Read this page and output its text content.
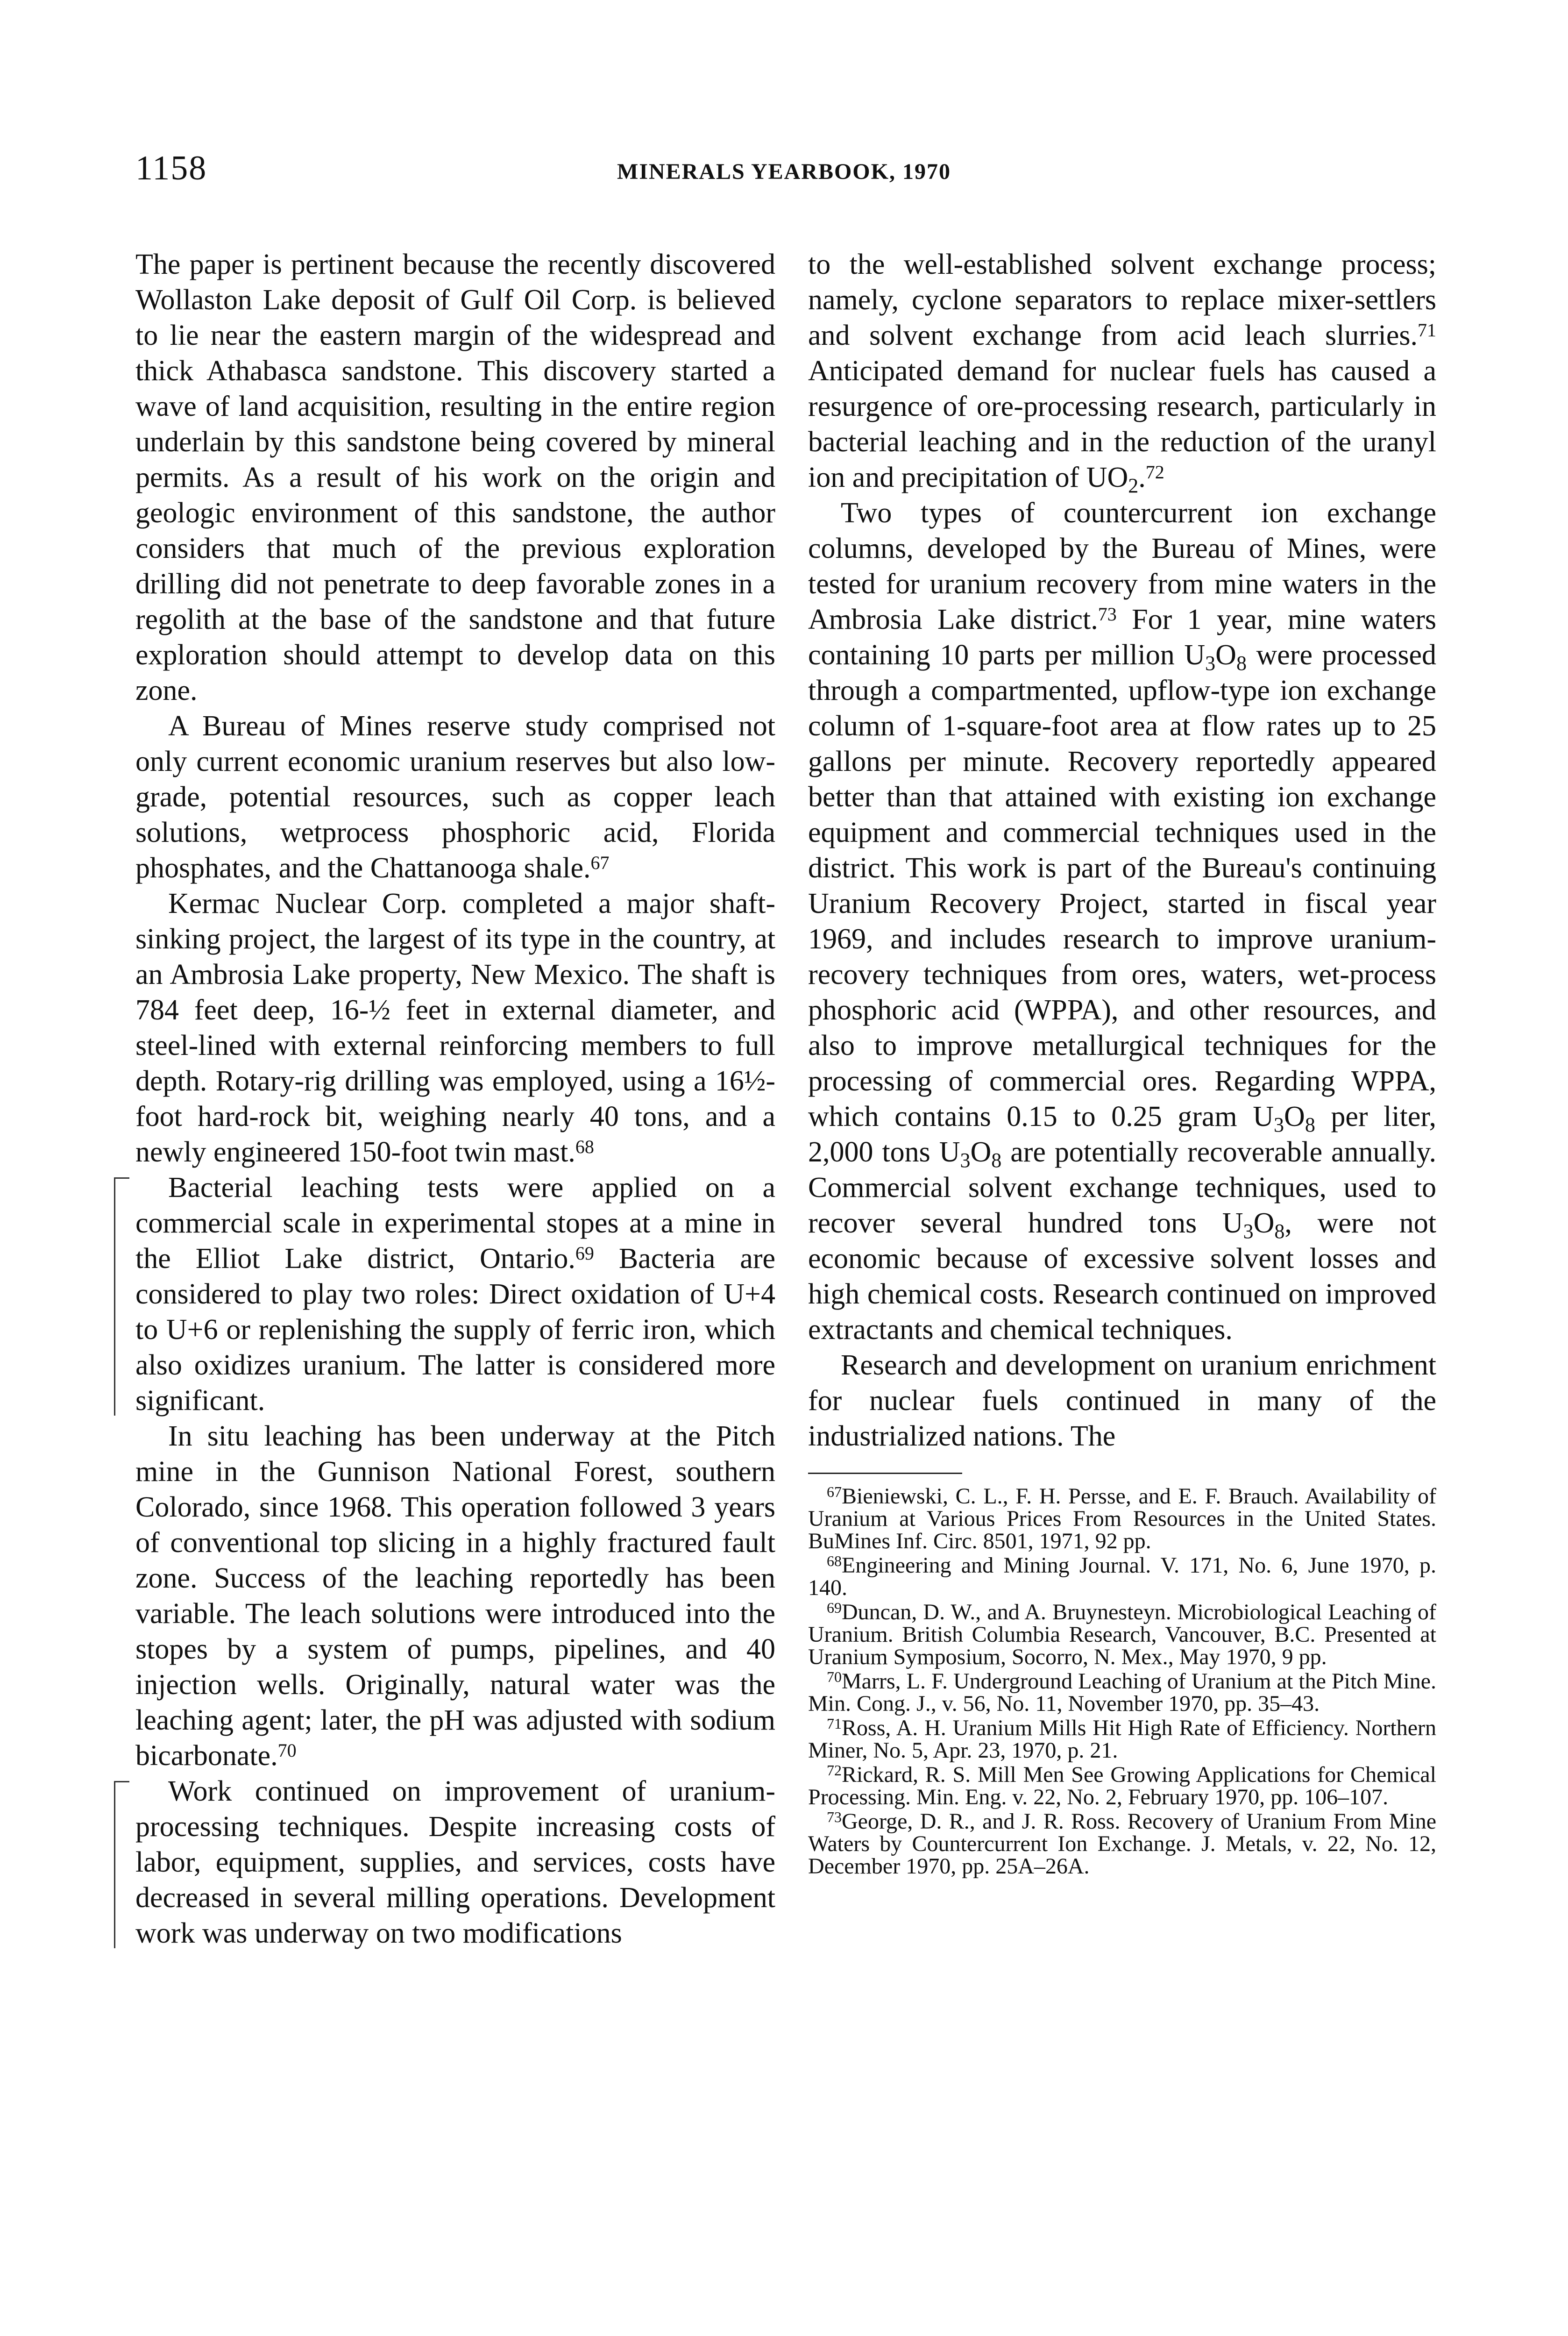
1158	MINERALS YEARBOOK, 1970

The paper is pertinent because the recently discovered Wollaston Lake deposit of Gulf Oil Corp. is believed to lie near the eastern margin of the widespread and thick Athabasca sandstone. This discovery started a wave of land acquisition, resulting in the entire region underlain by this sandstone being covered by mineral permits. As a result of his work on the origin and geologic environment of this sandstone, the author considers that much of the previous exploration drilling did not penetrate to deep favorable zones in a regolith at the base of the sandstone and that future exploration should attempt to develop data on this zone.

A Bureau of Mines reserve study comprised not only current economic uranium reserves but also low-grade, potential resources, such as copper leach solutions, wetprocess phosphoric acid, Florida phosphates, and the Chattanooga shale.$^{67}$

Kermac Nuclear Corp. completed a major shaft-sinking project, the largest of its type in the country, at an Ambrosia Lake property, New Mexico. The shaft is 784 feet deep, 16-½ feet in external diameter, and steel-lined with external reinforcing members to full depth. Rotary-rig drilling was employed, using a 16½-foot hard-rock bit, weighing nearly 40 tons, and a newly engineered 150-foot twin mast.$^{68}$

Bacterial leaching tests were applied on a commercial scale in experimental stopes at a mine in the Elliot Lake district, Ontario.$^{69}$ Bacteria are considered to play two roles: Direct oxidation of U+4 to U+6 or replenishing the supply of ferric iron, which also oxidizes uranium. The latter is considered more significant.

In situ leaching has been underway at the Pitch mine in the Gunnison National Forest, southern Colorado, since 1968. This operation followed 3 years of conventional top slicing in a highly fractured fault zone. Success of the leaching reportedly has been variable. The leach solutions were introduced into the stopes by a system of pumps, pipelines, and 40 injection wells. Originally, natural water was the leaching agent; later, the pH was adjusted with sodium bicarbonate.$^{70}$

Work continued on improvement of uranium-processing techniques. Despite increasing costs of labor, equipment, supplies, and services, costs have decreased in several milling operations. Development work was underway on two modifications

to the well-established solvent exchange process; namely, cyclone separators to replace mixer-settlers and solvent exchange from acid leach slurries.$^{71}$ Anticipated demand for nuclear fuels has caused a resurgence of ore-processing research, particularly in bacterial leaching and in the reduction of the uranyl ion and precipitation of $UO_2.^{72}$

Two types of countercurrent ion exchange columns, developed by the Bureau of Mines, were tested for uranium recovery from mine waters in the Ambrosia Lake district.$^{73}$ For 1 year, mine waters containing 10 parts per million $U_3O_8$ were processed through a compartmented, upflow-type ion exchange column of 1-square-foot area at flow rates up to 25 gallons per minute. Recovery reportedly appeared better than that attained with existing ion exchange equipment and commercial techniques used in the district. This work is part of the Bureau's continuing Uranium Recovery Project, started in fiscal year 1969, and includes research to improve uranium-recovery techniques from ores, waters, wet-process phosphoric acid (WPPA), and other resources, and also to improve metallurgical techniques for the processing of commercial ores. Regarding WPPA, which contains 0.15 to 0.25 gram $U_3O_8$ per liter, 2,000 tons $U_3O_8$ are potentially recoverable annually. Commercial solvent exchange techniques, used to recover several hundred tons $U_3O_8$, were not economic because of excessive solvent losses and high chemical costs. Research continued on improved extractants and chemical techniques.

Research and development on uranium enrichment for nuclear fuels continued in many of the industrialized nations. The

$^{67}$Bieniewski, C. L., F. H. Persse, and E. F. Brauch. Availability of Uranium at Various Prices From Resources in the United States. BuMines Inf. Circ. 8501, 1971, 92 pp.

$^{68}$Engineering and Mining Journal. V. 171, No. 6, June 1970, p. 140.

$^{69}$Duncan, D. W., and A. Bruynesteyn. Microbiological Leaching of Uranium. British Columbia Research, Vancouver, B.C. Presented at Uranium Symposium, Socorro, N. Mex., May 1970, 9 pp.

$^{70}$Marrs, L. F. Underground Leaching of Uranium at the Pitch Mine. Min. Cong. J., v. 56, No. 11, November 1970, pp. 35–43.

$^{71}$Ross, A. H. Uranium Mills Hit High Rate of Efficiency. Northern Miner, No. 5, Apr. 23, 1970, p. 21.

$^{72}$Rickard, R. S. Mill Men See Growing Applications for Chemical Processing. Min. Eng. v. 22, No. 2, February 1970, pp. 106–107.

$^{73}$George, D. R., and J. R. Ross. Recovery of Uranium From Mine Waters by Countercurrent Ion Exchange. J. Metals, v. 22, No. 12, December 1970, pp. 25A–26A.
